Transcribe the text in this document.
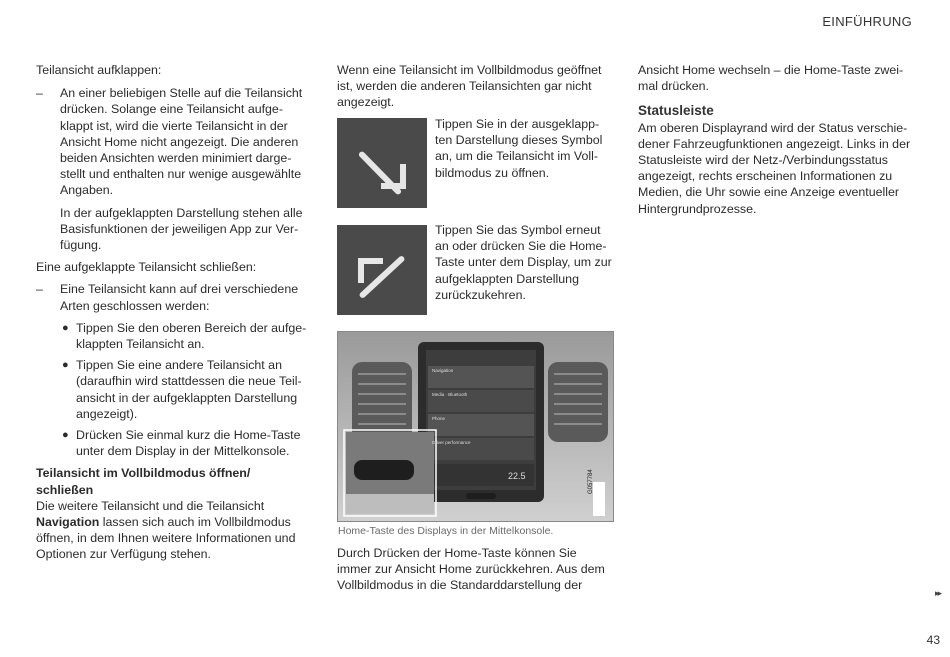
EINFÜHRUNG

Teilansicht aufklappen:

– An einer beliebigen Stelle auf die Teilansicht drücken. Solange eine Teilansicht aufge-klappt ist, wird die vierte Teilansicht in der Ansicht Home nicht angezeigt. Die anderen beiden Ansichten werden minimiert darge-stellt und enthalten nur wenige ausgewählte Angaben.

In der aufgeklappten Darstellung stehen alle Basisfunktionen der jeweiligen App zur Ver-fügung.

Eine aufgeklappte Teilansicht schließen:

– Eine Teilansicht kann auf drei verschiedene Arten geschlossen werden:

● Tippen Sie den oberen Bereich der aufge-klappten Teilansicht an.

● Tippen Sie eine andere Teilansicht an (daraufhin wird stattdessen die neue Teil-ansicht in der aufgeklappten Darstellung angezeigt).

● Drücken Sie einmal kurz die Home-Taste unter dem Display in der Mittelkonsole.

Teilansicht im Vollbildmodus öffnen/ schließen

Die weitere Teilansicht und die Teilansicht Navigation lassen sich auch im Vollbildmodus öffnen, in dem Ihnen weitere Informationen und Optionen zur Verfügung stehen.

Wenn eine Teilansicht im Vollbildmodus geöffnet ist, werden die anderen Teilansichten gar nicht angezeigt.

Tippen Sie in der ausgeklapp-ten Darstellung dieses Symbol an, um die Teilansicht im Voll-bildmodus zu öffnen.

Tippen Sie das Symbol erneut an oder drücken Sie die Home-Taste unter dem Display, um zur aufgeklappten Darstellung zurückzukehren.

Navigation
Media · Bluetooth
Phone
Driver performance
22.5	G057784
Home-Taste des Displays in der Mittelkonsole.

Durch Drücken der Home-Taste können Sie immer zur Ansicht Home zurückkehren. Aus dem Vollbildmodus in die Standarddarstellung der

Ansicht Home wechseln – die Home-Taste zwei-mal drücken.

Statusleiste

Am oberen Displayrand wird der Status verschie-dener Fahrzeugfunktionen angezeigt. Links in der Statusleiste wird der Netz-/Verbindungsstatus angezeigt, rechts erscheinen Informationen zu Medien, die Uhr sowie eine Anzeige eventueller Hintergrundprozesse.

▸▸
43
